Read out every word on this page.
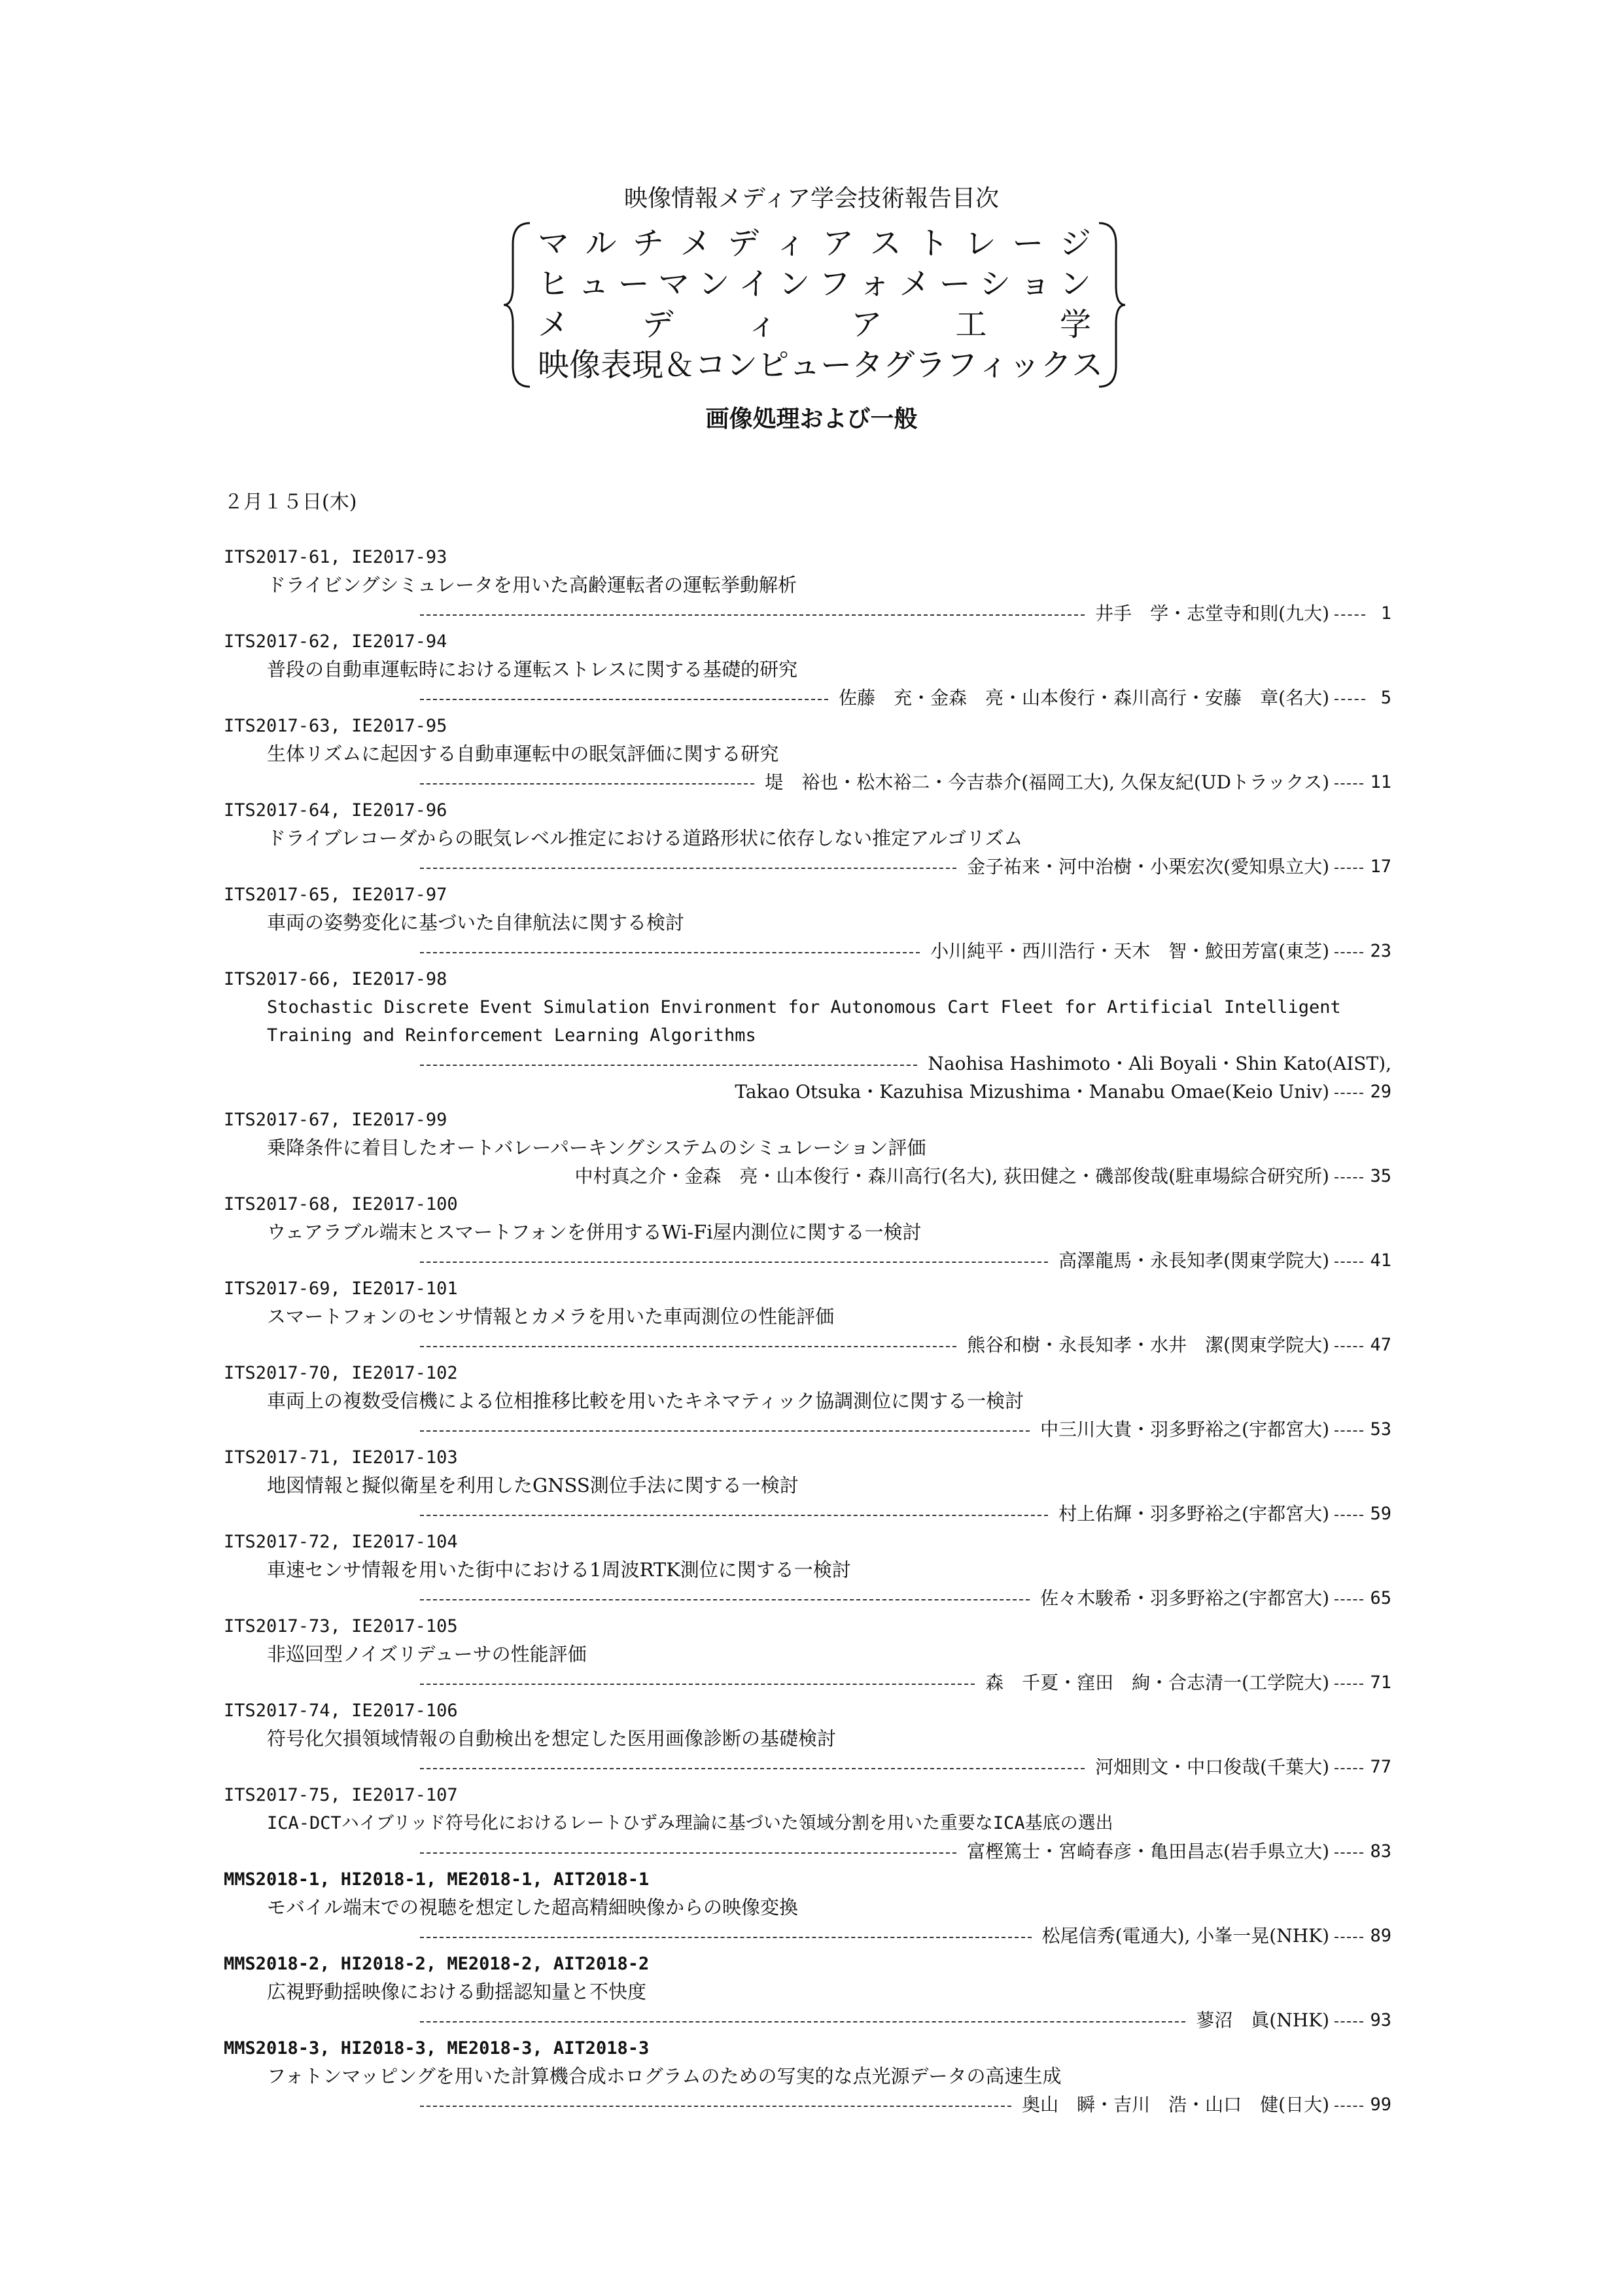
映像情報メディア学会技術報告目次
マ ル チ メ デ ィ ア ス ト レ ー ジ
ヒ ュ ー マ ン イ ン フ ォ メ ー シ ョ ン
メ デ ィ ア 工 学
映 像 表 現 ＆ コ ン ピ ュ ー タ グ ラ フ ィ ッ ク ス
画像処理および一般
２月１５日(木)
ITS2017-61, IE2017-93
ドライビングシミュレータを用いた高齢運転者の運転挙動解析
井手　学・志堂寺和則(九大)	1
ITS2017-62, IE2017-94
普段の自動車運転時における運転ストレスに関する基礎的研究
佐藤　充・金森　亮・山本俊行・森川高行・安藤　章(名大)	5
ITS2017-63, IE2017-95
生体リズムに起因する自動車運転中の眠気評価に関する研究
堤　裕也・松木裕二・今吉恭介(福岡工大), 久保友紀(UDトラックス) 11
ITS2017-64, IE2017-96
ドライブレコーダからの眠気レベル推定における道路形状に依存しない推定アルゴリズム
金子祐来・河中治樹・小栗宏次(愛知県立大) 17
ITS2017-65, IE2017-97
車両の姿勢変化に基づいた自律航法に関する検討
小川純平・西川浩行・天木　智・鮫田芳富(東芝) 23
ITS2017-66, IE2017-98
Stochastic Discrete Event Simulation Environment for Autonomous Cart Fleet for Artificial Intelligent
Training and Reinforcement Learning Algorithms
Naohisa Hashimoto・Ali Boyali・Shin Kato(AIST),
Takao Otsuka・Kazuhisa Mizushima・Manabu Omae(Keio Univ) 29
ITS2017-67, IE2017-99
乗降条件に着目したオートバレーパーキングシステムのシミュレーション評価
中村真之介・金森　亮・山本俊行・森川高行(名大), 荻田健之・磯部俊哉(駐車場綜合研究所) 35
ITS2017-68, IE2017-100
ウェアラブル端末とスマートフォンを併用するWi-Fi屋内測位に関する一検討
高澤龍馬・永長知孝(関東学院大) 41
ITS2017-69, IE2017-101
スマートフォンのセンサ情報とカメラを用いた車両測位の性能評価
熊谷和樹・永長知孝・水井　潔(関東学院大) 47
ITS2017-70, IE2017-102
車両上の複数受信機による位相推移比較を用いたキネマティック協調測位に関する一検討
中三川大貴・羽多野裕之(宇都宮大) 53
ITS2017-71, IE2017-103
地図情報と擬似衛星を利用したGNSS測位手法に関する一検討
村上佑輝・羽多野裕之(宇都宮大) 59
ITS2017-72, IE2017-104
車速センサ情報を用いた街中における1周波RTK測位に関する一検討
佐々木駿希・羽多野裕之(宇都宮大) 65
ITS2017-73, IE2017-105
非巡回型ノイズリデューサの性能評価
森　千夏・窪田　絢・合志清一(工学院大) 71
ITS2017-74, IE2017-106
符号化欠損領域情報の自動検出を想定した医用画像診断の基礎検討
河畑則文・中口俊哉(千葉大) 77
ITS2017-75, IE2017-107
ICA-DCTハイブリッド符号化におけるレートひずみ理論に基づいた領域分割を用いた重要なICA基底の選出
富樫篤士・宮崎春彦・亀田昌志(岩手県立大) 83
MMS2018-1, HI2018-1, ME2018-1, AIT2018-1
モバイル端末での視聴を想定した超高精細映像からの映像変換
松尾信秀(電通大), 小峯一晃(NHK) 89
MMS2018-2, HI2018-2, ME2018-2, AIT2018-2
広視野動揺映像における動揺認知量と不快度
蓼沼　眞(NHK) 93
MMS2018-3, HI2018-3, ME2018-3, AIT2018-3
フォトンマッピングを用いた計算機合成ホログラムのための写実的な点光源データの高速生成
奥山　瞬・吉川　浩・山口　健(日大) 99
